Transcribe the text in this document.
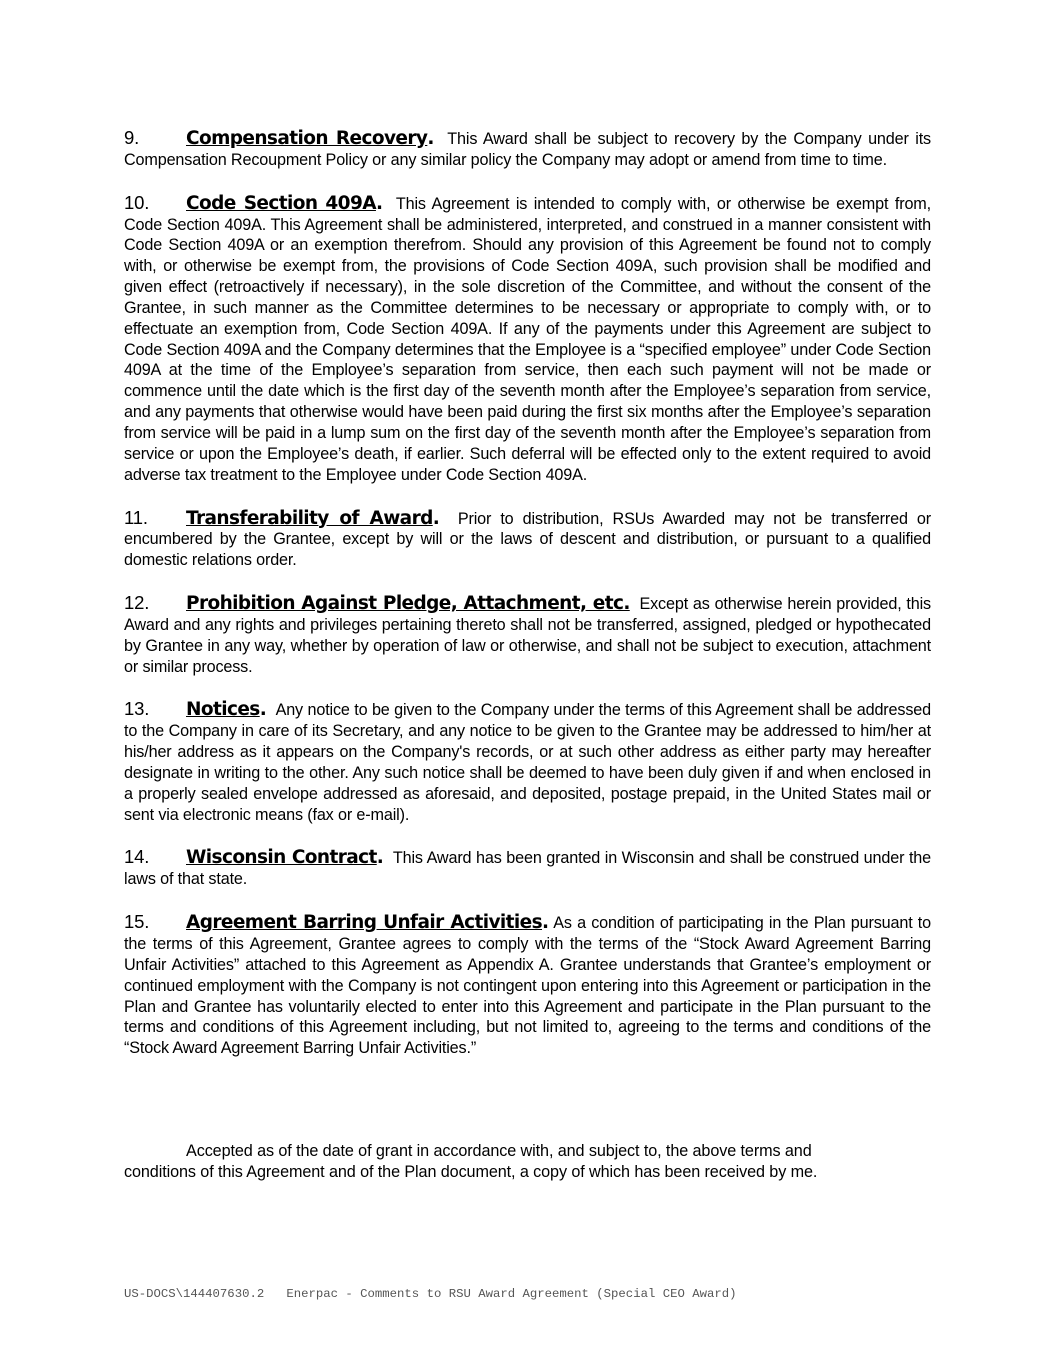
9.	Compensation Recovery. This Award shall be subject to recovery by the Company under its Compensation Recoupment Policy or any similar policy the Company may adopt or amend from time to time.

10. Code Section 409A. This Agreement is intended to comply with, or otherwise be exempt from, Code Section 409A. This Agreement shall be administered, interpreted, and construed in a manner consistent with Code Section 409A or an exemption therefrom. Should any provision of this Agreement be found not to comply with, or otherwise be exempt from, the provisions of Code Section 409A, such provision shall be modified and given effect (retroactively if necessary), in the sole discretion of the Committee, and without the consent of the Grantee, in such manner as the Committee determines to be necessary or appropriate to comply with, or to effectuate an exemption from, Code Section 409A. If any of the payments under this Agreement are subject to Code Section 409A and the Company determines that the Employee is a “specified employee” under Code Section 409A at the time of the Employee’s separation from service, then each such payment will not be made or commence until the date which is the first day of the seventh month after the Employee’s separation from service, and any payments that otherwise would have been paid during the first six months after the Employee’s separation from service will be paid in a lump sum on the first day of the seventh month after the Employee’s separation from service or upon the Employee’s death, if earlier. Such deferral will be effected only to the extent required to avoid adverse tax treatment to the Employee under Code Section 409A.

11. Transferability of Award. Prior to distribution, RSUs Awarded may not be transferred or encumbered by the Grantee, except by will or the laws of descent and distribution, or pursuant to a qualified domestic relations order.

12. Prohibition Against Pledge, Attachment, etc. Except as otherwise herein provided, this Award and any rights and privileges pertaining thereto shall not be transferred, assigned, pledged or hypothecated by Grantee in any way, whether by operation of law or otherwise, and shall not be subject to execution, attachment or similar process.

13. Notices. Any notice to be given to the Company under the terms of this Agreement shall be addressed to the Company in care of its Secretary, and any notice to be given to the Grantee may be addressed to him/her at his/her address as it appears on the Company's records, or at such other address as either party may hereafter designate in writing to the other. Any such notice shall be deemed to have been duly given if and when enclosed in a properly sealed envelope addressed as aforesaid, and deposited, postage prepaid, in the United States mail or sent via electronic means (fax or e-mail).

14. Wisconsin Contract. This Award has been granted in Wisconsin and shall be construed under the laws of that state.

15. Agreement Barring Unfair Activities. As a condition of participating in the Plan pursuant to the terms of this Agreement, Grantee agrees to comply with the terms of the “Stock Award Agreement Barring Unfair Activities” attached to this Agreement as Appendix A. Grantee understands that Grantee’s employment or continued employment with the Company is not contingent upon entering into this Agreement or participation in the Plan and Grantee has voluntarily elected to enter into this Agreement and participate in the Plan pursuant to the terms and conditions of this Agreement including, but not limited to, agreeing to the terms and conditions of the “Stock Award Agreement Barring Unfair Activities.”

Accepted as of the date of grant in accordance with, and subject to, the above terms and
conditions of this Agreement and of the Plan document, a copy of which has been received by me.
US-DOCS\144407630.2 Enerpac - Comments to RSU Award Agreement (Special CEO Award)
